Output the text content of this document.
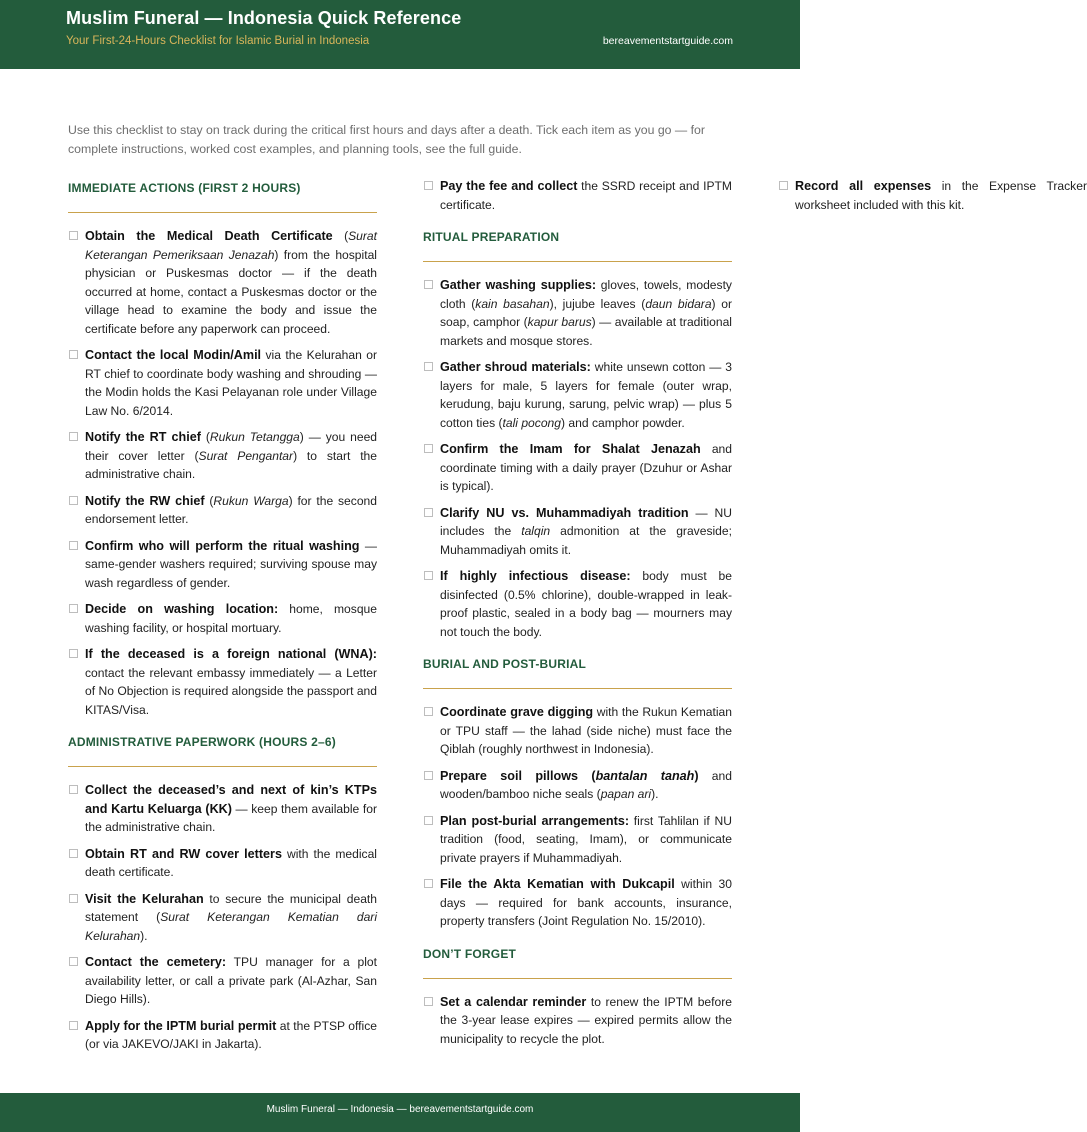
Muslim Funeral — Indonesia Quick Reference
Your First-24-Hours Checklist for Islamic Burial in Indonesia	bereavementstartguide.com

Use this checklist to stay on track during the critical first hours and days after a death. Tick each item as you go — for complete instructions, worked cost examples, and planning tools, see the full guide.

IMMEDIATE ACTIONS (FIRST 2 HOURS)
Obtain the Medical Death Certificate (Surat Keterangan Pemeriksaan Jenazah) from the hospital physician or Puskesmas doctor — if the death occurred at home, contact a Puskesmas doctor or the village head to examine the body and issue the certificate before any paperwork can proceed.
Contact the local Modin/Amil via the Kelurahan or RT chief to coordinate body washing and shrouding — the Modin holds the Kasi Pelayanan role under Village Law No. 6/2014.
Notify the RT chief (Rukun Tetangga) — you need their cover letter (Surat Pengantar) to start the administrative chain.
Notify the RW chief (Rukun Warga) for the second endorsement letter.
Confirm who will perform the ritual washing — same-gender washers required; surviving spouse may wash regardless of gender.
Decide on washing location: home, mosque washing facility, or hospital mortuary.
If the deceased is a foreign national (WNA): contact the relevant embassy immediately — a Letter of No Objection is required alongside the passport and KITAS/Visa.
ADMINISTRATIVE PAPERWORK (HOURS 2–6)
Collect the deceased’s and next of kin’s KTPs and Kartu Keluarga (KK) — keep them available for the administrative chain.
Obtain RT and RW cover letters with the medical death certificate.
Visit the Kelurahan to secure the municipal death statement (Surat Keterangan Kematian dari Kelurahan).
Contact the cemetery: TPU manager for a plot availability letter, or call a private park (Al-Azhar, San Diego Hills).
Apply for the IPTM burial permit at the PTSP office (or via JAKEVO/JAKI in Jakarta).
Pay the fee and collect the SSRD receipt and IPTM certificate.
RITUAL PREPARATION
Gather washing supplies: gloves, towels, modesty cloth (kain basahan), jujube leaves (daun bidara) or soap, camphor (kapur barus) — available at traditional markets and mosque stores.
Gather shroud materials: white unsewn cotton — 3 layers for male, 5 layers for female (outer wrap, kerudung, baju kurung, sarung, pelvic wrap) — plus 5 cotton ties (tali pocong) and camphor powder.
Confirm the Imam for Shalat Jenazah and coordinate timing with a daily prayer (Dzuhur or Ashar is typical).
Clarify NU vs. Muhammadiyah tradition — NU includes the talqin admonition at the graveside; Muhammadiyah omits it.
If highly infectious disease: body must be disinfected (0.5% chlorine), double-wrapped in leak-proof plastic, sealed in a body bag — mourners may not touch the body.
BURIAL AND POST-BURIAL
Coordinate grave digging with the Rukun Kematian or TPU staff — the lahad (side niche) must face the Qiblah (roughly northwest in Indonesia).
Prepare soil pillows (bantalan tanah) and wooden/bamboo niche seals (papan ari).
Plan post-burial arrangements: first Tahlilan if NU tradition (food, seating, Imam), or communicate private prayers if Muhammadiyah.
File the Akta Kematian with Dukcapil within 30 days — required for bank accounts, insurance, property transfers (Joint Regulation No. 15/2010).
DON’T FORGET
Set a calendar reminder to renew the IPTM before the 3-year lease expires — expired permits allow the municipality to recycle the plot.
Record all expenses in the Expense Tracker worksheet included with this kit.
Muslim Funeral — Indonesia — bereavementstartguide.com
